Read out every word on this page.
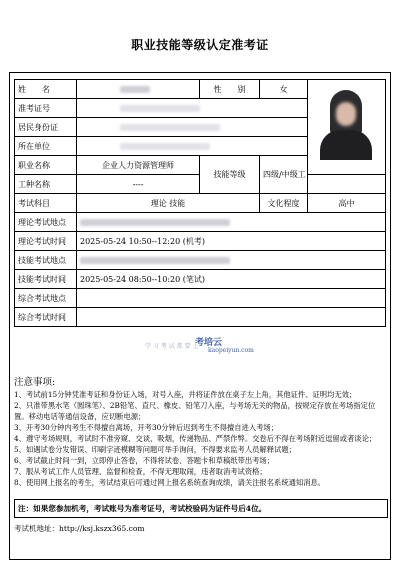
职业技能等级认定准考证
姓　　名		性　　别	女	

准考证号				
居民身份证				
所在单位				
职业名称	企业人力资源管理师	技能等级	四级/中级工	
工种名称	----			
考试科目	理论 技能		文化程度	高中
理论考试地点				
理论考试时间	2025-05-24 10:50--12:20 (机考)			
技能考试地点				
技能考试时间	2025-05-24 08:50--10:20 (笔试)			
综合考试地点				
综合考试时间				
考培云
kaopeiyun.com
学 习 考 试 都 要 上
注意事项:

1、考试前15分钟凭准考证和身份证入场，对号入座，并将证件放在桌子左上角，其他证件、证明均无效；

2、只准带黑水笔（圆珠笔）、2B铅笔、直尺、橡皮、铅笔刀入座，与考场无关的物品，按规定存放在考场指定位置。移动电话等通信设备，应切断电源；

3、开考30分钟内考生不得擅自离场，开考30分钟后迟到考生不得擅自进入考场；

4、遵守考场规则，考试时不准旁窥、交谈、吸烟，传递物品、严禁作弊。交卷后不得在考场附近逗留或者谈论；

5、如遇试卷分发错误、印刷字迹模糊等问题可举手询问，不得要求监考人员解释试题；

6、考试截止时间一到，立即停止答卷，不得将试卷、答题卡和草稿纸带出考场；

7、服从考试工作人员管理、监督和检查，不得无理取闹，违者取消考试资格；

8、使用网上报名的考生，考试结束后可通过网上报名系统查询成绩，请关注报名系统通知消息。

注：如果您参加机考，考试账号为准考证号，考试校验码为证件号后4位。
考试机地址：http://ksj.kszx365.com
